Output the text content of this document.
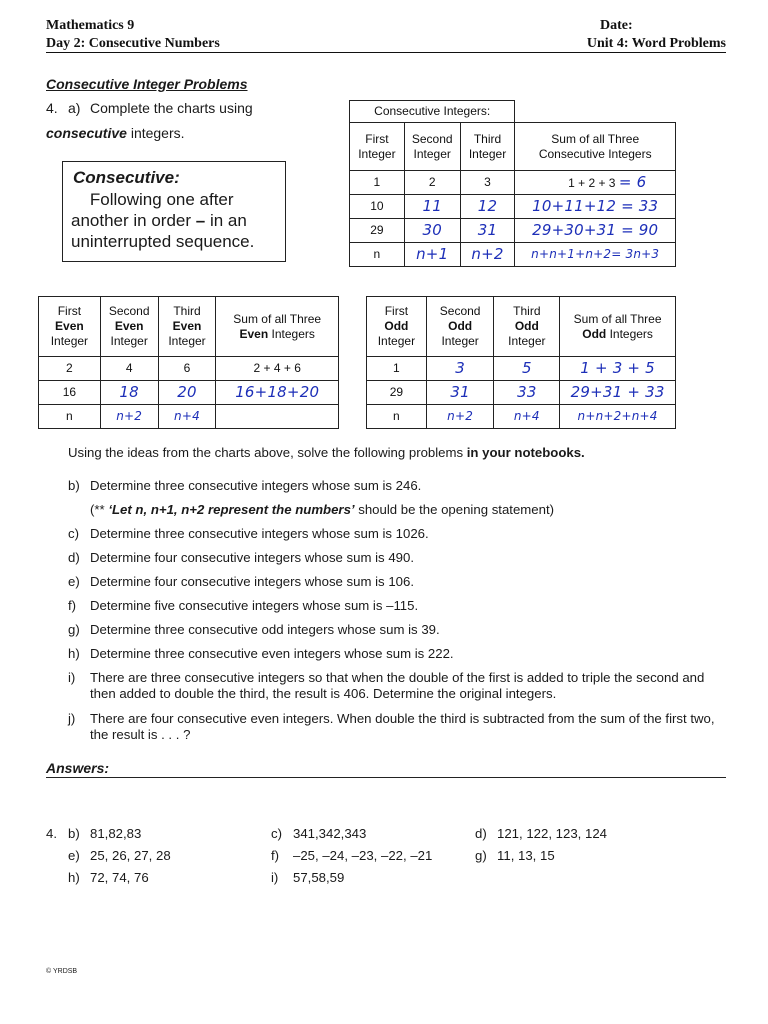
Mathematics 9
Day 2: Consecutive Numbers
Date:
Unit 4: Word Problems
Consecutive Integer Problems
4. a) Complete the charts using
consecutive integers.
Consecutive:
Following one after another in order – in an uninterrupted sequence.
Consecutive Integers:			
First Integer	Second Integer	Third Integer	Sum of all Three Consecutive Integers
1	2	3	1 + 2 + 3 = 6
10	11	12	10+11+12 = 33
29	30	31	29+30+31 = 90
n	n+1	n+2	n+n+1+n+2= 3n+3
First
Even
Integer	Second
Even
Integer	Third
Even
Integer	Sum of all Three
Even Integers
2	4	6	2 + 4 + 6
16	18	20	16+18+20
n	n+2	n+4	
First
Odd
Integer	Second
Odd
Integer	Third
Odd
Integer	Sum of all Three
Odd Integers
1	3	5	1 + 3 + 5
29	31	33	29+31 + 33
n	n+2	n+4	n+n+2+n+4
Using the ideas from the charts above, solve the following problems in your notebooks.
b) Determine three consecutive integers whose sum is 246.
(** ‘Let n, n+1, n+2 represent the numbers’ should be the opening statement)
c) Determine three consecutive integers whose sum is 1026.
d) Determine four consecutive integers whose sum is 490.
e) Determine four consecutive integers whose sum is 106.
f) Determine five consecutive integers whose sum is –115.
g) Determine three consecutive odd integers whose sum is 39.
h) Determine three consecutive even integers whose sum is 222.
i) There are three consecutive integers so that when the double of the first is added to triple the second and then added to double the third, the result is 406. Determine the original integers.
j) There are four consecutive even integers. When double the third is subtracted from the sum of the first two, the result is . . . ?
Answers:
4. b) 81,82,83	c) 341,342,343	d) 121, 122, 123, 124
e) 25, 26, 27, 28	f) –25, –24, –23, –22, –21	g) 11, 13, 15
h) 72, 74, 76	i) 57,58,59
© YRDSB
